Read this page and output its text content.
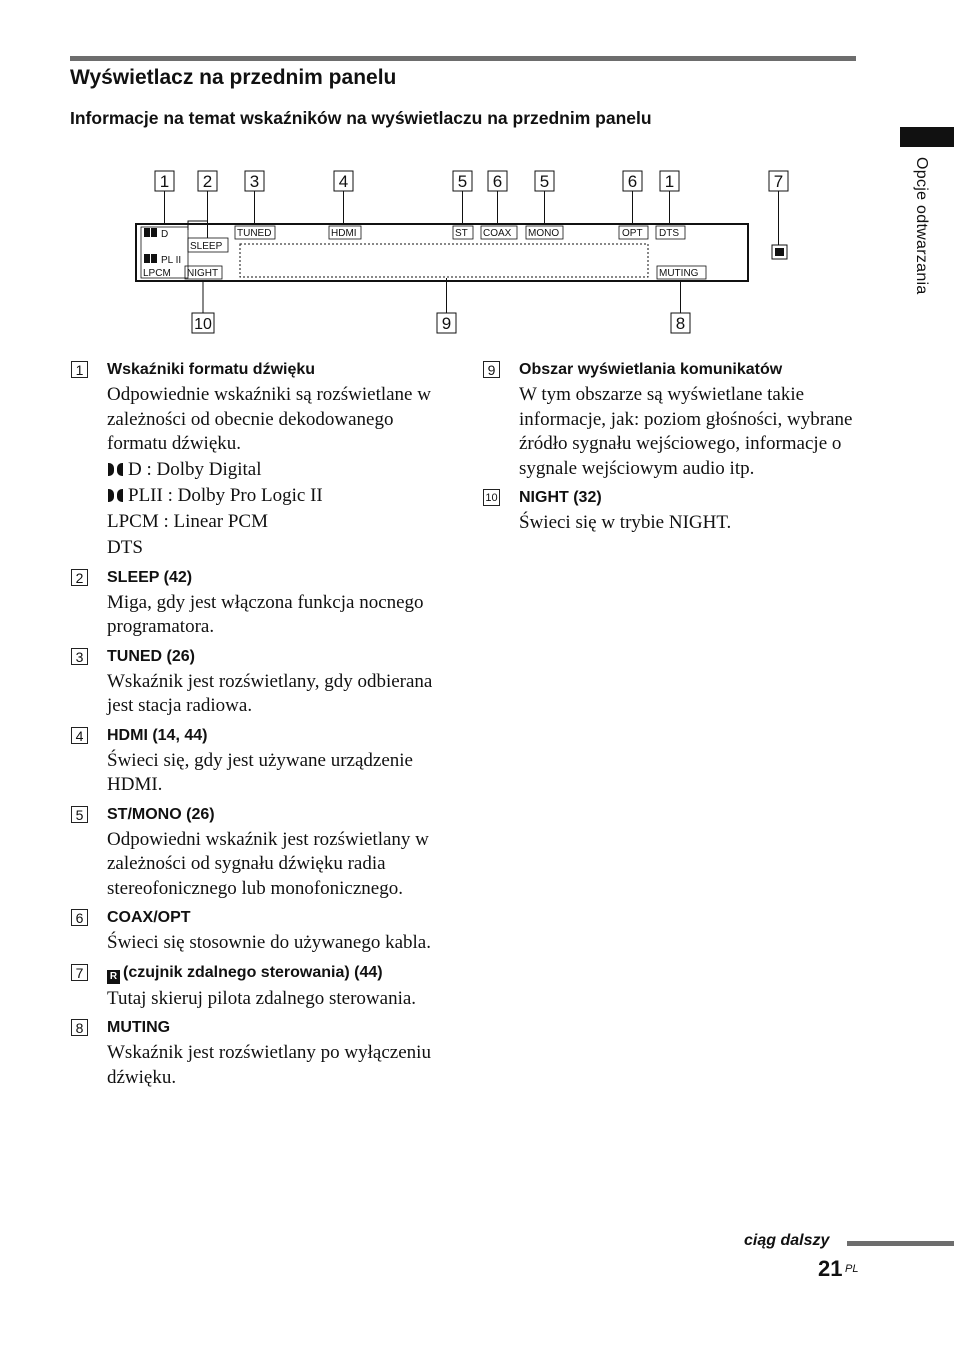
Wyświetlacz na przednim panelu
Informacje na temat wskaźników na wyświetlaczu na przednim panelu
Opcje odtwarzania
1 2 3	4	5 6 5	6 1	7
10	9	8
D
SLEEP
PL II
LPCM NIGHT
TUNED	HDMI	ST COAX MONO	OPT DTS
MUTING
1 Wskaźniki formatu dźwięku
Odpowiednie wskaźniki są rozświetlane w zależności od obecnie dekodowanego formatu dźwięku.
D : Dolby Digital
PLII : Dolby Pro Logic II
LPCM : Linear PCM
DTS
2 SLEEP (42)
Miga, gdy jest włączona funkcja nocnego programatora.
3 TUNED (26)
Wskaźnik jest rozświetlany, gdy odbierana jest stacja radiowa.
4 HDMI (14, 44)
Świeci się, gdy jest używane urządzenie HDMI.
5 ST/MONO (26)
Odpowiedni wskaźnik jest rozświetlany w zależności od sygnału dźwięku radia stereofonicznego lub monofonicznego.
6 COAX/OPT
Świeci się stosownie do używanego kabla.
7	R (czujnik zdalnego sterowania) (44)
Tutaj skieruj pilota zdalnego sterowania.
8 MUTING
Wskaźnik jest rozświetlany po wyłączeniu dźwięku.
9 Obszar wyświetlania komunikatów
W tym obszarze są wyświetlane takie informacje, jak: poziom głośności, wybrane źródło sygnału wejściowego, informacje o sygnale wejściowym audio itp.
10 NIGHT (32)
Świeci się w trybie NIGHT.
ciąg dalszy
21 PL
